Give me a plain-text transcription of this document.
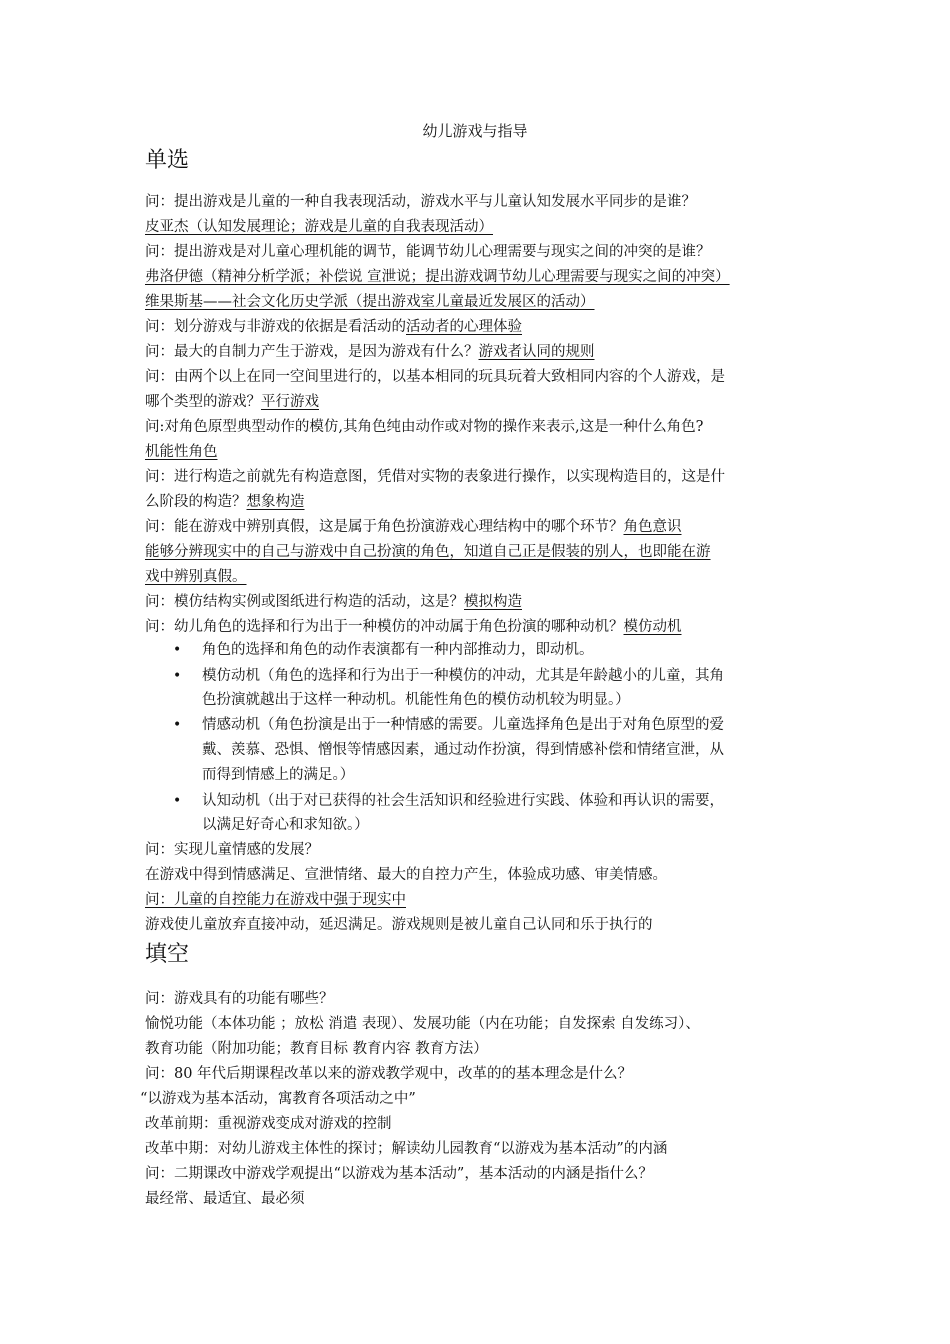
幼儿游戏与指导
单选
问：提出游戏是儿童的一种自我表现活动，游戏水平与儿童认知发展水平同步的是谁？
皮亚杰（认知发展理论；游戏是儿童的自我表现活动）
问：提出游戏是对儿童心理机能的调节，能调节幼儿心理需要与现实之间的冲突的是谁？
弗洛伊德（精神分析学派；补偿说 宣泄说；提出游戏调节幼儿心理需要与现实之间的冲突）
维果斯基——社会文化历史学派（提出游戏室儿童最近发展区的活动）
问：划分游戏与非游戏的依据是看活动的活动者的心理体验
问：最大的自制力产生于游戏，是因为游戏有什么？游戏者认同的规则
问：由两个以上在同一空间里进行的，以基本相同的玩具玩着大致相同内容的个人游戏，是
哪个类型的游戏？平行游戏
问:对角色原型典型动作的模仿,其角色纯由动作或对物的操作来表示,这是一种什么角色?
机能性角色
问：进行构造之前就先有构造意图，凭借对实物的表象进行操作，以实现构造目的，这是什
么阶段的构造？想象构造
问：能在游戏中辨别真假，这是属于角色扮演游戏心理结构中的哪个环节？角色意识
能够分辨现实中的自己与游戏中自己扮演的角色，知道自己正是假装的别人，也即能在游
戏中辨别真假。
问：模仿结构实例或图纸进行构造的活动，这是？模拟构造
问：幼儿角色的选择和行为出于一种模仿的冲动属于角色扮演的哪种动机？模仿动机
• 角色的选择和角色的动作表演都有一种内部推动力，即动机。
• 模仿动机（角色的选择和行为出于一种模仿的冲动，尤其是年龄越小的儿童，其角
色扮演就越出于这样一种动机。机能性角色的模仿动机较为明显。）
• 情感动机（角色扮演是出于一种情感的需要。儿童选择角色是出于对角色原型的爱
戴、羡慕、恐惧、憎恨等情感因素，通过动作扮演，得到情感补偿和情绪宣泄，从
而得到情感上的满足。）
• 认知动机（出于对已获得的社会生活知识和经验进行实践、体验和再认识的需要，
以满足好奇心和求知欲。）
问：实现儿童情感的发展？
在游戏中得到情感满足、宣泄情绪、最大的自控力产生，体验成功感、审美情感。
问：儿童的自控能力在游戏中强于现实中
游戏使儿童放弃直接冲动，延迟满足。游戏规则是被儿童自己认同和乐于执行的
填空
问：游戏具有的功能有哪些？
愉悦功能（本体功能 ；放松 消遣 表现）、发展功能（内在功能；自发探索 自发练习）、
教育功能（附加功能；教育目标 教育内容 教育方法）
问：80 年代后期课程改革以来的游戏教学观中，改革的的基本理念是什么？
“以游戏为基本活动，寓教育各项活动之中”
改革前期：重视游戏变成对游戏的控制
改革中期：对幼儿游戏主体性的探讨；解读幼儿园教育“以游戏为基本活动”的内涵
问：二期课改中游戏学观提出“以游戏为基本活动”，基本活动的内涵是指什么？
最经常、最适宜、最必须
